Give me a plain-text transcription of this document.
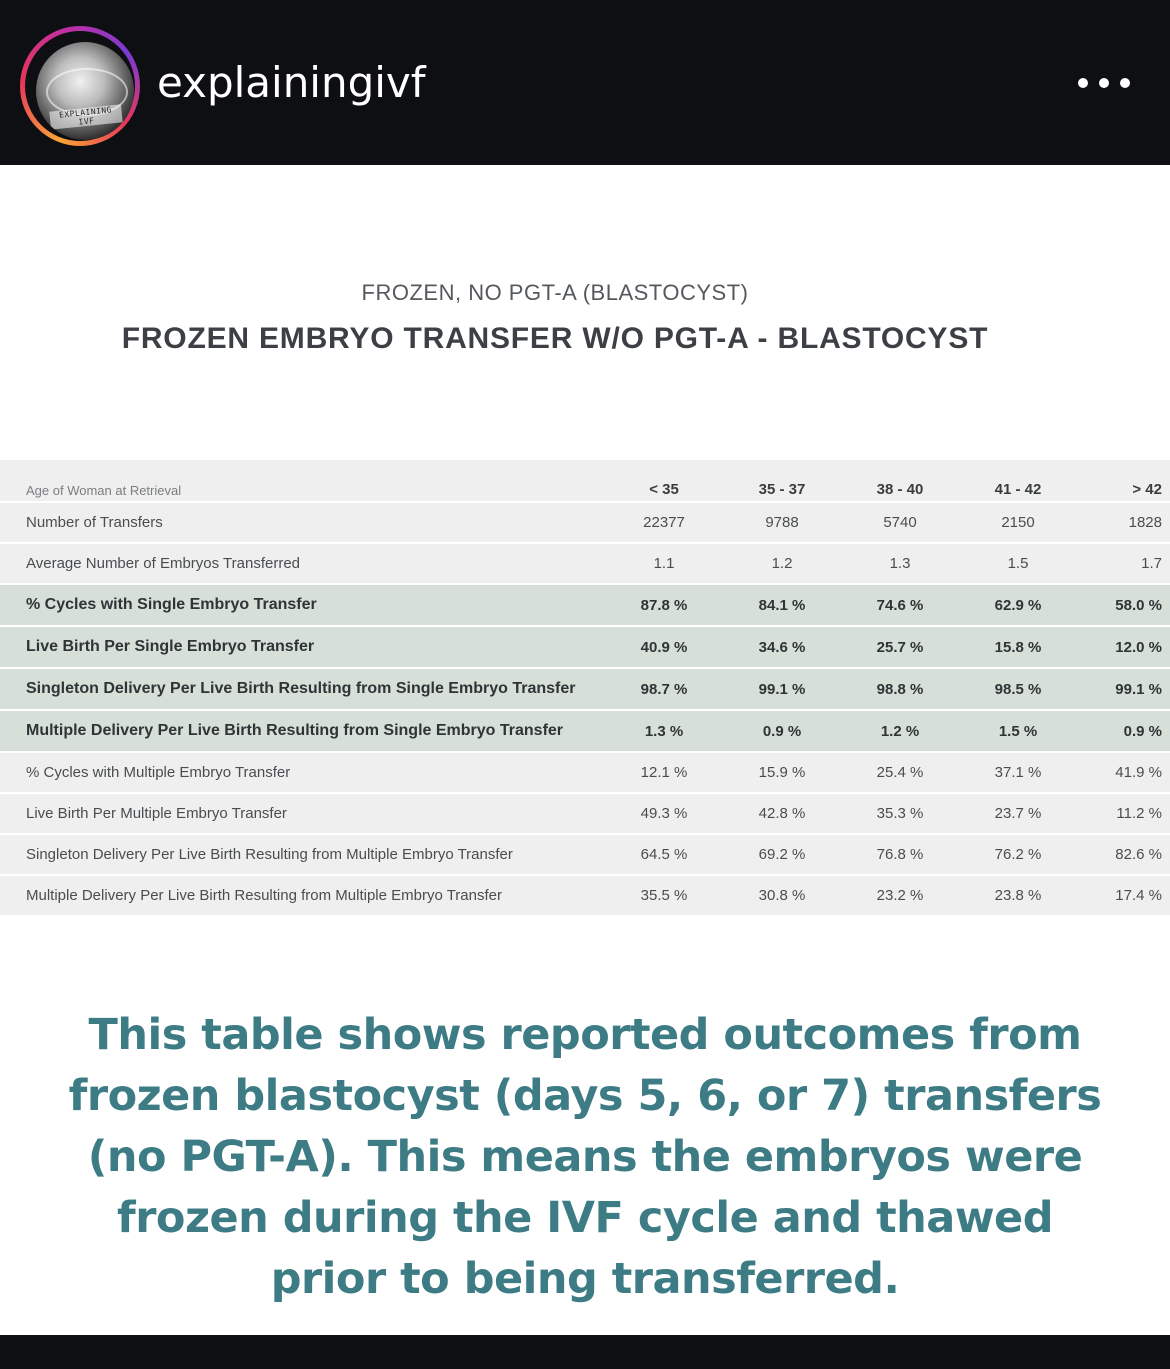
EXPLAINING IVF
explainingivf
FROZEN, NO PGT-A (BLASTOCYST)
FROZEN EMBRYO TRANSFER W/O PGT-A - BLASTOCYST
Age of Woman at Retrieval	< 35	35 - 37	38 - 40	41 - 42	> 42
Number of Transfers	22377	9788	5740	2150	1828
Average Number of Embryos Transferred	1.1	1.2	1.3	1.5	1.7
% Cycles with Single Embryo Transfer	87.8 %	84.1 %	74.6 %	62.9 %	58.0 %
Live Birth Per Single Embryo Transfer	40.9 %	34.6 %	25.7 %	15.8 %	12.0 %
Singleton Delivery Per Live Birth Resulting from Single Embryo Transfer	98.7 %	99.1 %	98.8 %	98.5 %	99.1 %
Multiple Delivery Per Live Birth Resulting from Single Embryo Transfer	1.3 %	0.9 %	1.2 %	1.5 %	0.9 %
% Cycles with Multiple Embryo Transfer	12.1 %	15.9 %	25.4 %	37.1 %	41.9 %
Live Birth Per Multiple Embryo Transfer	49.3 %	42.8 %	35.3 %	23.7 %	11.2 %
Singleton Delivery Per Live Birth Resulting from Multiple Embryo Transfer	64.5 %	69.2 %	76.8 %	76.2 %	82.6 %
Multiple Delivery Per Live Birth Resulting from Multiple Embryo Transfer	35.5 %	30.8 %	23.2 %	23.8 %	17.4 %
This table shows reported outcomes from frozen blastocyst (days 5, 6, or 7) transfers (no PGT-A). This means the embryos were frozen during the IVF cycle and thawed prior to being transferred.
